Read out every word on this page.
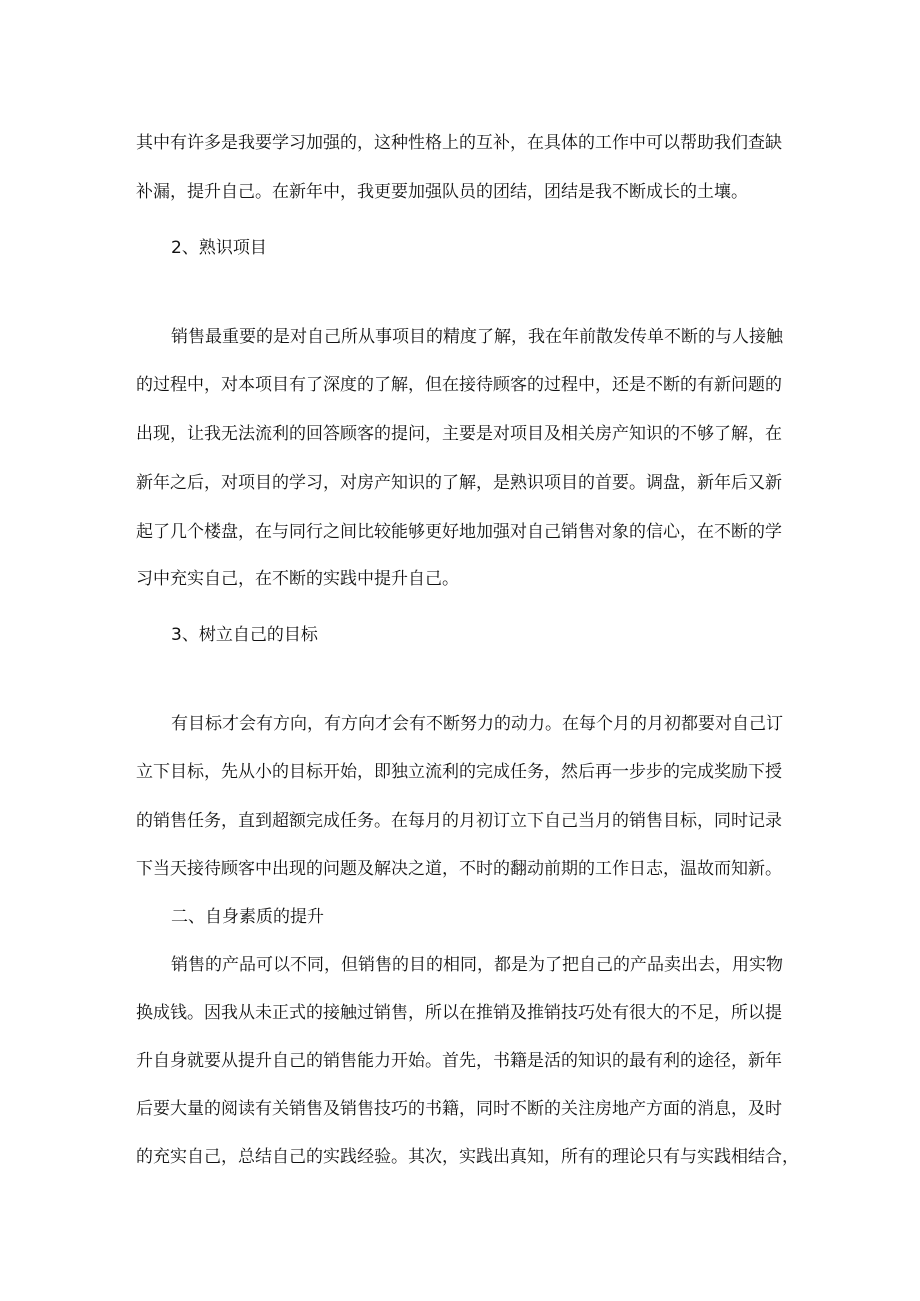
其中有许多是我要学习加强的，这种性格上的互补，在具体的工作中可以帮助我们查缺
补漏，提升自己。在新年中，我更要加强队员的团结，团结是我不断成长的土壤。
2、熟识项目
销售最重要的是对自己所从事项目的精度了解，我在年前散发传单不断的与人接触
的过程中，对本项目有了深度的了解，但在接待顾客的过程中，还是不断的有新问题的
出现，让我无法流利的回答顾客的提问，主要是对项目及相关房产知识的不够了解，在
新年之后，对项目的学习，对房产知识的了解，是熟识项目的首要。调盘，新年后又新
起了几个楼盘，在与同行之间比较能够更好地加强对自己销售对象的信心，在不断的学
习中充实自己，在不断的实践中提升自己。
3、树立自己的目标
有目标才会有方向，有方向才会有不断努力的动力。在每个月的月初都要对自己订
立下目标，先从小的目标开始，即独立流利的完成任务，然后再一步步的完成奖励下授
的销售任务，直到超额完成任务。在每月的月初订立下自己当月的销售目标，同时记录
下当天接待顾客中出现的问题及解决之道，不时的翻动前期的工作日志，温故而知新。
二、自身素质的提升
销售的产品可以不同，但销售的目的相同，都是为了把自己的产品卖出去，用实物
换成钱。因我从未正式的接触过销售，所以在推销及推销技巧处有很大的不足，所以提
升自身就要从提升自己的销售能力开始。首先，书籍是活的知识的最有利的途径，新年
后要大量的阅读有关销售及销售技巧的书籍，同时不断的关注房地产方面的消息，及时
的充实自己，总结自己的实践经验。其次，实践出真知，所有的理论只有与实践相结合，
